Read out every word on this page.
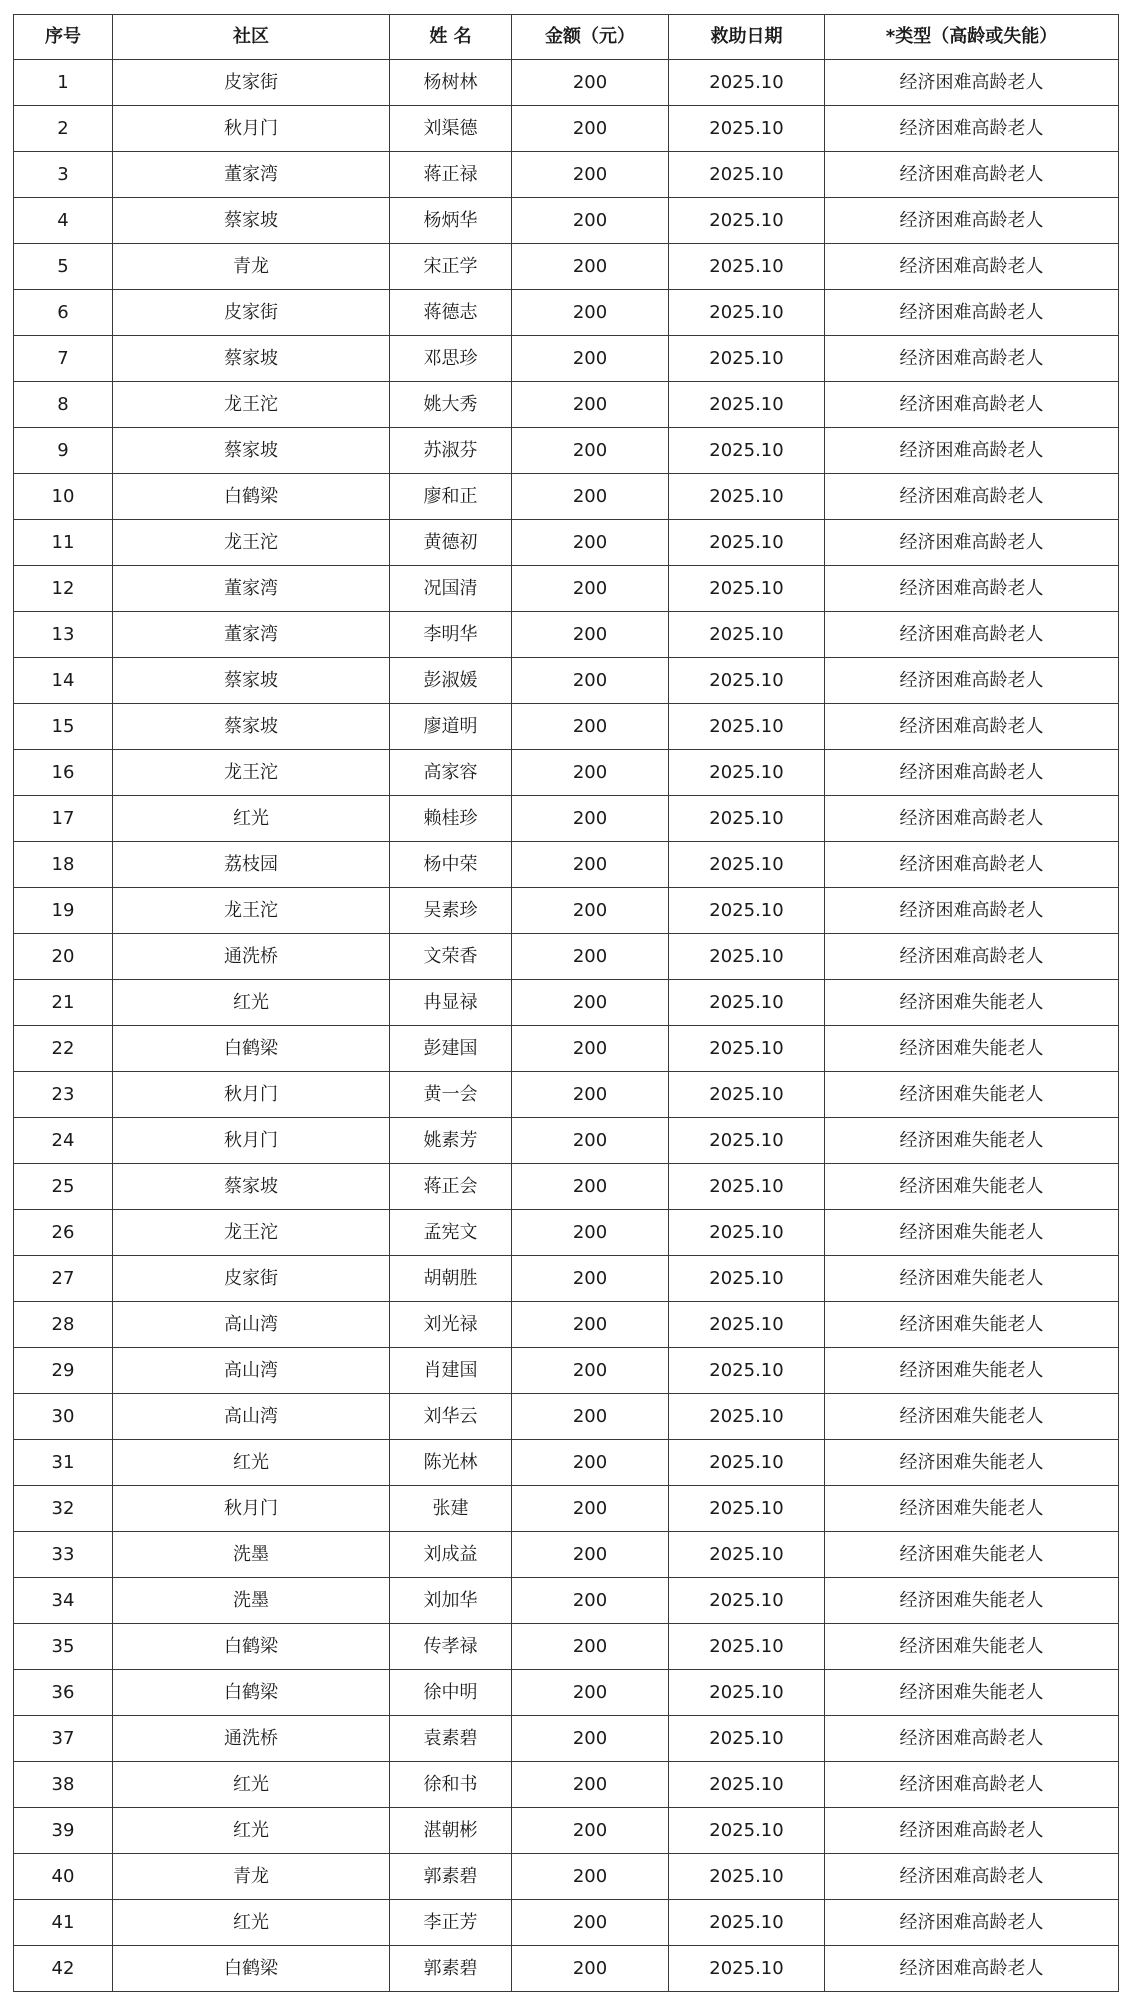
序号	社区	姓 名	金额（元）	救助日期	*类型（高龄或失能）
1	皮家街	杨树林	200	2025.10	经济困难高龄老人
2	秋月门	刘渠德	200	2025.10	经济困难高龄老人
3	董家湾	蒋正禄	200	2025.10	经济困难高龄老人
4	蔡家坡	杨炳华	200	2025.10	经济困难高龄老人
5	青龙	宋正学	200	2025.10	经济困难高龄老人
6	皮家街	蒋德志	200	2025.10	经济困难高龄老人
7	蔡家坡	邓思珍	200	2025.10	经济困难高龄老人
8	龙王沱	姚大秀	200	2025.10	经济困难高龄老人
9	蔡家坡	苏淑芬	200	2025.10	经济困难高龄老人
10	白鹤梁	廖和正	200	2025.10	经济困难高龄老人
11	龙王沱	黄德初	200	2025.10	经济困难高龄老人
12	董家湾	况国清	200	2025.10	经济困难高龄老人
13	董家湾	李明华	200	2025.10	经济困难高龄老人
14	蔡家坡	彭淑媛	200	2025.10	经济困难高龄老人
15	蔡家坡	廖道明	200	2025.10	经济困难高龄老人
16	龙王沱	高家容	200	2025.10	经济困难高龄老人
17	红光	赖桂珍	200	2025.10	经济困难高龄老人
18	荔枝园	杨中荣	200	2025.10	经济困难高龄老人
19	龙王沱	吴素珍	200	2025.10	经济困难高龄老人
20	通洗桥	文荣香	200	2025.10	经济困难高龄老人
21	红光	冉显禄	200	2025.10	经济困难失能老人
22	白鹤梁	彭建国	200	2025.10	经济困难失能老人
23	秋月门	黄一会	200	2025.10	经济困难失能老人
24	秋月门	姚素芳	200	2025.10	经济困难失能老人
25	蔡家坡	蒋正会	200	2025.10	经济困难失能老人
26	龙王沱	孟宪文	200	2025.10	经济困难失能老人
27	皮家街	胡朝胜	200	2025.10	经济困难失能老人
28	高山湾	刘光禄	200	2025.10	经济困难失能老人
29	高山湾	肖建国	200	2025.10	经济困难失能老人
30	高山湾	刘华云	200	2025.10	经济困难失能老人
31	红光	陈光林	200	2025.10	经济困难失能老人
32	秋月门	张建	200	2025.10	经济困难失能老人
33	洗墨	刘成益	200	2025.10	经济困难失能老人
34	洗墨	刘加华	200	2025.10	经济困难失能老人
35	白鹤梁	传孝禄	200	2025.10	经济困难失能老人
36	白鹤梁	徐中明	200	2025.10	经济困难失能老人
37	通洗桥	袁素碧	200	2025.10	经济困难高龄老人
38	红光	徐和书	200	2025.10	经济困难高龄老人
39	红光	湛朝彬	200	2025.10	经济困难高龄老人
40	青龙	郭素碧	200	2025.10	经济困难高龄老人
41	红光	李正芳	200	2025.10	经济困难高龄老人
42	白鹤梁	郭素碧	200	2025.10	经济困难高龄老人
